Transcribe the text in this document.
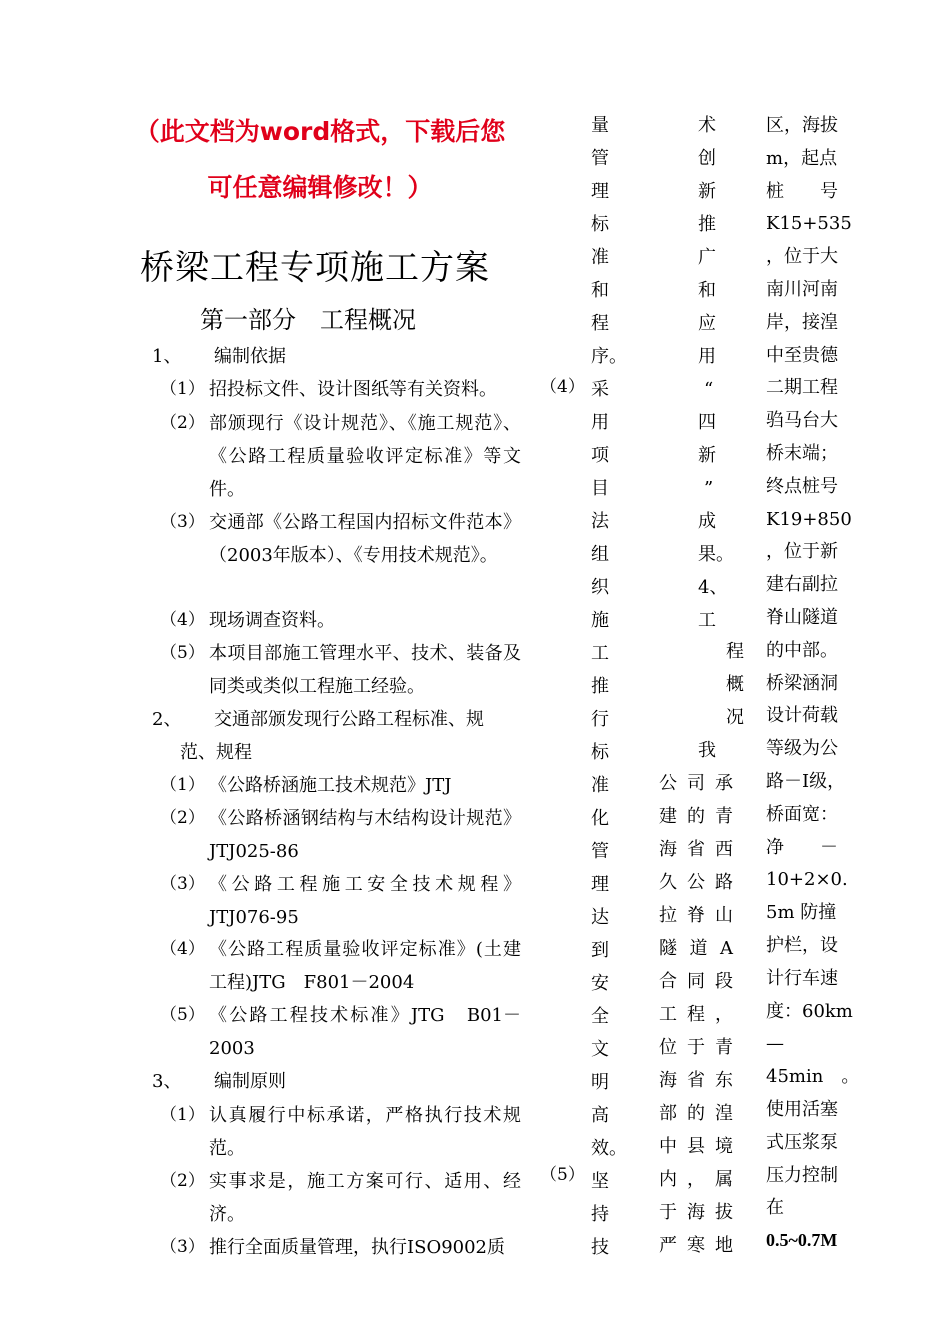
（此文档为word格式，下载后您
可任意编辑修改！）
桥梁工程专项施工方案
第一部分　工程概况
1、 编制依据
（1） 招投标文件、设计图纸等有关资料。
（2） 部颁现行《设计规范》、《施工规范》、《公路工程质量验收评定标准》等文件。
（3） 交通部《公路工程国内招标文件范本》（2003年版本）、《专用技术规范》。
（4） 现场调查资料。
（5） 本项目部施工管理水平、技术、装备及同类或类似工程施工经验。
2、 交通部颁发现行公路工程标准、规
范、规程
（1） 《公路桥涵施工技术规范》JTJ
（2） 《公路桥涵钢结构与木结构设计规范》JTJ025-86
（3） 《公路工程施工安全技术规程》JTJ076-95
（4） 《公路工程质量验收评定标准》(土建工程)JTG　F801－2004
（5） 《公路工程技术标准》JTG　B01－2003
3、 编制原则
（1） 认真履行中标承诺，严格执行技术规范。
（2） 实事求是，施工方案可行、适用、经济。
（3） 推行全面质量管理，执行ISO9002质
（4）
（5）
量
管
理
标
准
和
程
序。
采
用
项
目
法
组
织
施
工
推
行
标
准
化
管
理
达
到
安
全
文
明
高
效。
坚
持
技
术
创
新
推
广
和
应
用
“
四
新
”
成
果。
4、
工
程
概
况
我
公 司 承
建 的 青
海 省 西
久 公 路
拉 脊 山
隧 道 A
合 同 段
工 程 ，
位 于 青
海 省 东
部 的 湟
中 县 境
内 ， 属
于 海 拔
严 寒 地
区，海拔
m，起点
桩　　号
K15+535
，位于大
南川河南
岸，接湟
中至贵德
二期工程
驺马台大
桥末端；
终点桩号
K19+850
，位于新
建右副拉
脊山隧道
的中部。
桥梁涵洞
设计荷载
等级为公
路－Ⅰ级，
桥面宽：
净　　－
10+2×0.
5m 防撞
护栏，设
计行车速
度：60km
—
45min　。
使用活塞
式压浆泵
压力控制
在
0.5~0.7M
